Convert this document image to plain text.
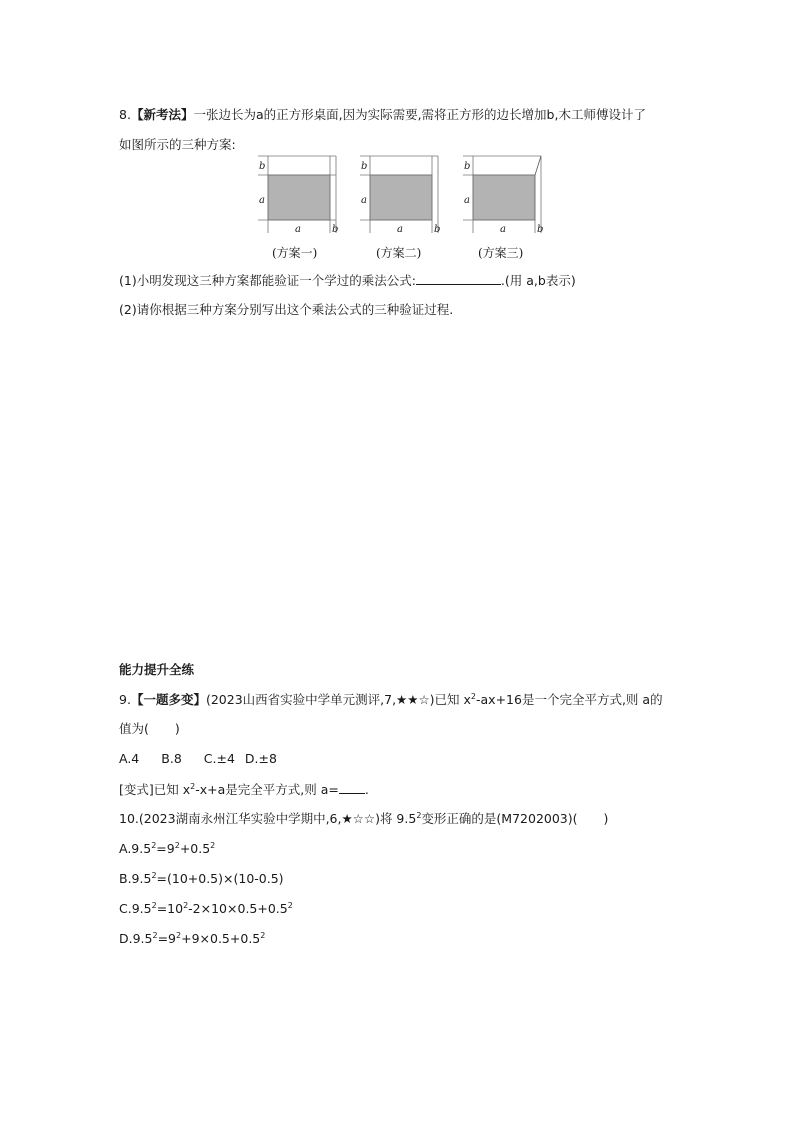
8.【新考法】一张边长为a的正方形桌面,因为实际需要,需将正方形的边长增加b,木工师傅设计了
如图所示的三种方案:
b
a
a	b
b
a
a	b
b
a
a	b
(方案一)	(方案二)	(方案三)
(1)小明发现这三种方案都能验证一个学过的乘法公式:	.(用 a,b表示)
(2)请你根据三种方案分别写出这个乘法公式的三种验证过程.
能力提升全练
9.【一题多变】(2023山西省实验中学单元测评,7,★★☆)已知 $x^2-ax+16$是一个完全平方式,则 a的
值为( )
A.4 B.8 C.±4 D.±8
[变式]已知 $x^2-x+a$是完全平方式,则 a= .
10.(2023湖南永州江华实验中学期中,6,★☆☆)将 $9.5^2$变形正确的是(M7202003)( )
$A.9.5^2=9^2+0.5^2$
$B.9.5^2=(10+0.5)\times(10-0.5)$
$C.9.5^2=10^2-2\times 10\times 0.5+0.5^2$
$D.9.5^2=9^2+9\times 0.5+0.5^2$
